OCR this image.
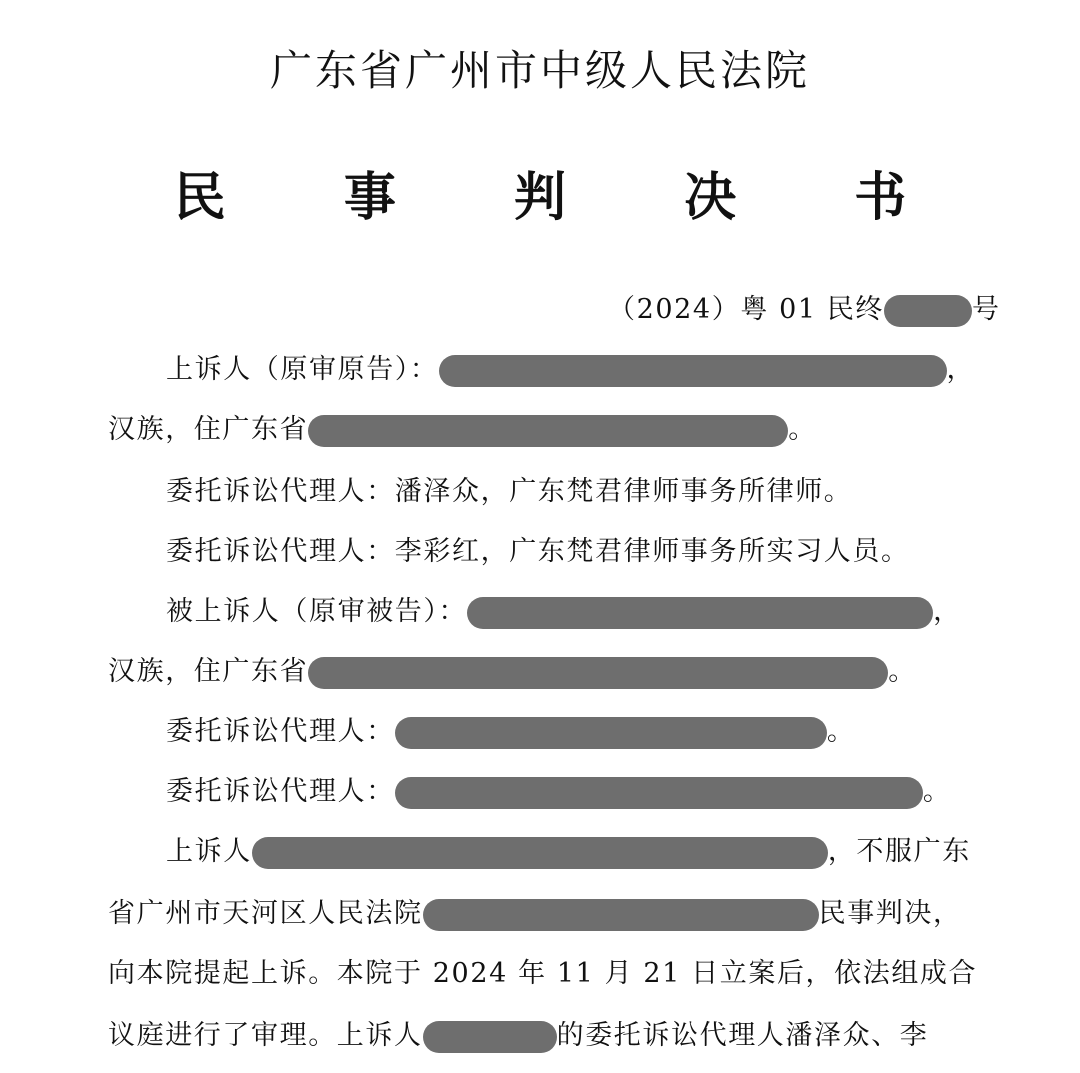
广东省广州市中级人民法院
民 事 判 决 书
（2024）粤 01 民终	号
上诉人（原审原告）：	，
汉族，住广东省	。
委托诉讼代理人：潘泽众，广东梵君律师事务所律师。
委托诉讼代理人：李彩红，广东梵君律师事务所实习人员。
被上诉人（原审被告）：	，
汉族，住广东省	。
委托诉讼代理人：	。
委托诉讼代理人：	。
上诉人	，不服广东
省广州市天河区人民法院	民事判决，
向本院提起上诉。本院于 2024 年 11 月 21 日立案后，依法组成合
议庭进行了审理。上诉人	的委托诉讼代理人潘泽众、李
